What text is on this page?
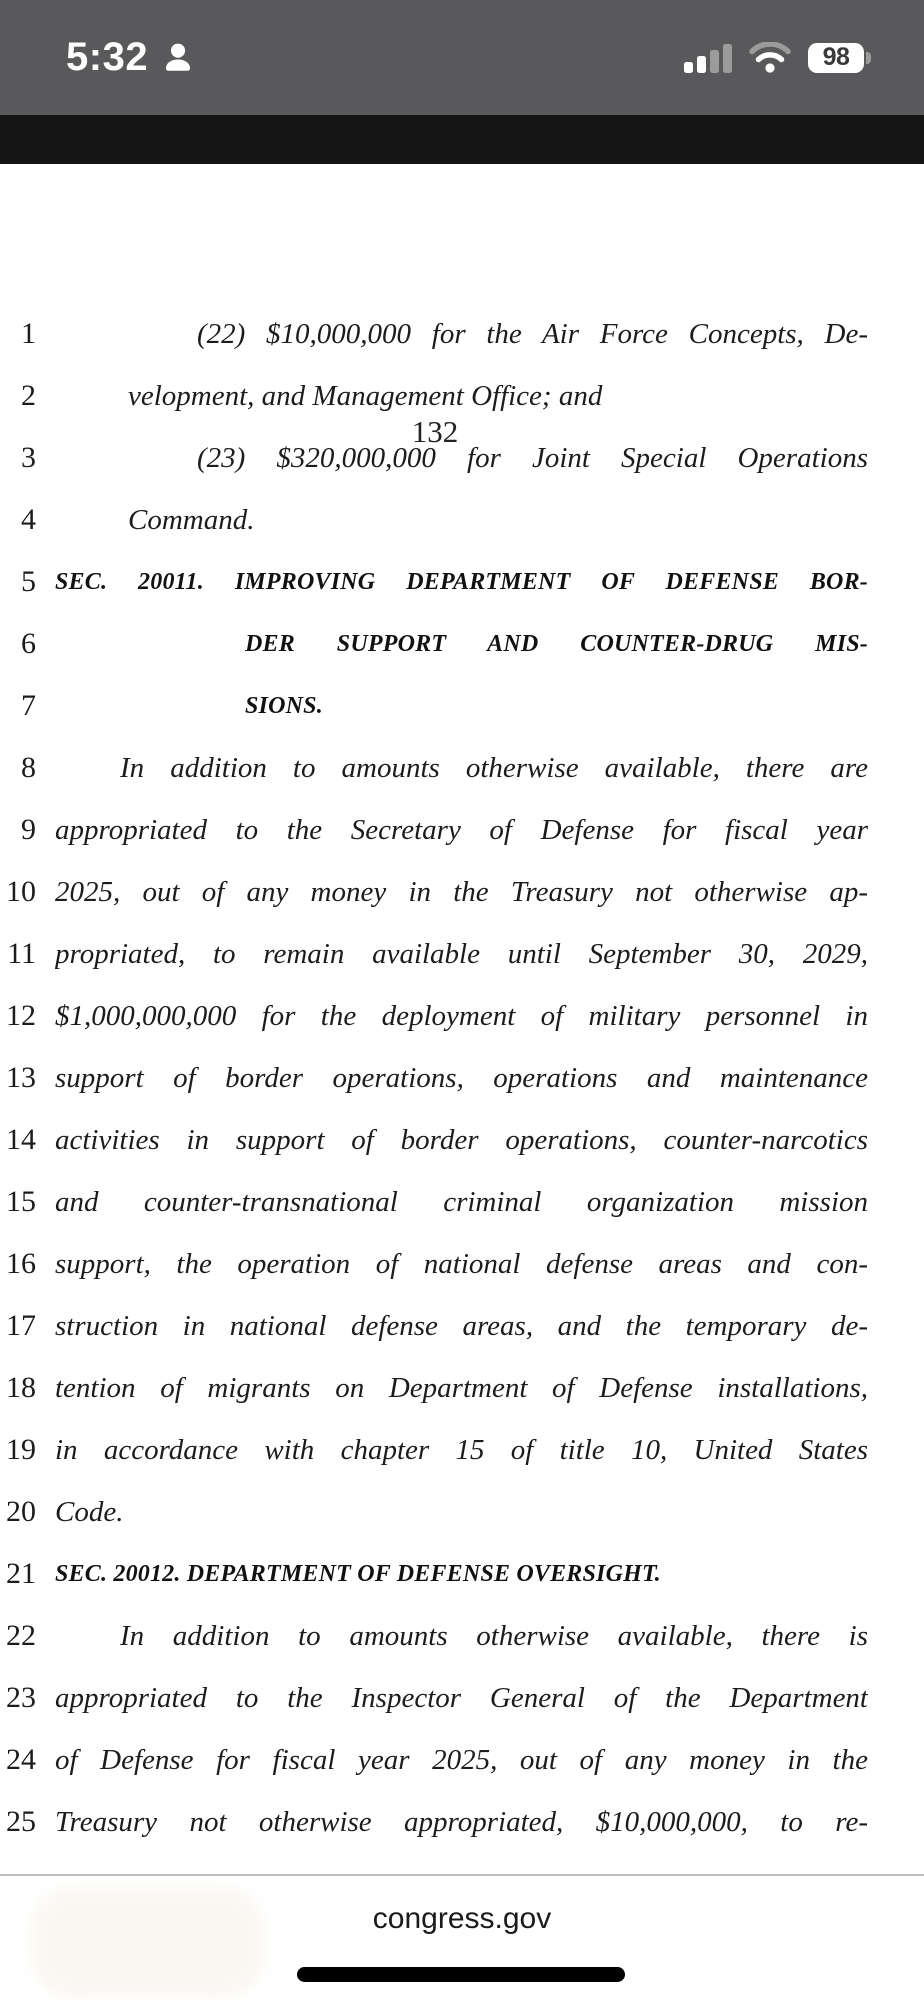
5:32	98
132
1	(22) $10,000,000 for the Air Force Concepts, De-
2	velopment, and Management Office; and
3	(23) $320,000,000 for Joint Special Operations
4	Command.
5 SEC. 20011. IMPROVING DEPARTMENT OF DEFENSE BOR-
6	DER SUPPORT AND COUNTER-DRUG MIS-
7	SIONS.
8	In addition to amounts otherwise available, there are
9 appropriated to the Secretary of Defense for fiscal year
10 2025, out of any money in the Treasury not otherwise ap-
11 propriated, to remain available until September 30, 2029,
12 $1,000,000,000 for the deployment of military personnel in
13 support of border operations, operations and maintenance
14 activities in support of border operations, counter-narcotics
15 and counter-transnational criminal organization mission
16 support, the operation of national defense areas and con-
17 struction in national defense areas, and the temporary de-
18 tention of migrants on Department of Defense installations,
19 in accordance with chapter 15 of title 10, United States
20 Code.
21 SEC. 20012. DEPARTMENT OF DEFENSE OVERSIGHT.
22	In addition to amounts otherwise available, there is
23 appropriated to the Inspector General of the Department
24 of Defense for fiscal year 2025, out of any money in the
25 Treasury not otherwise appropriated, $10,000,000, to re-
congress.gov
